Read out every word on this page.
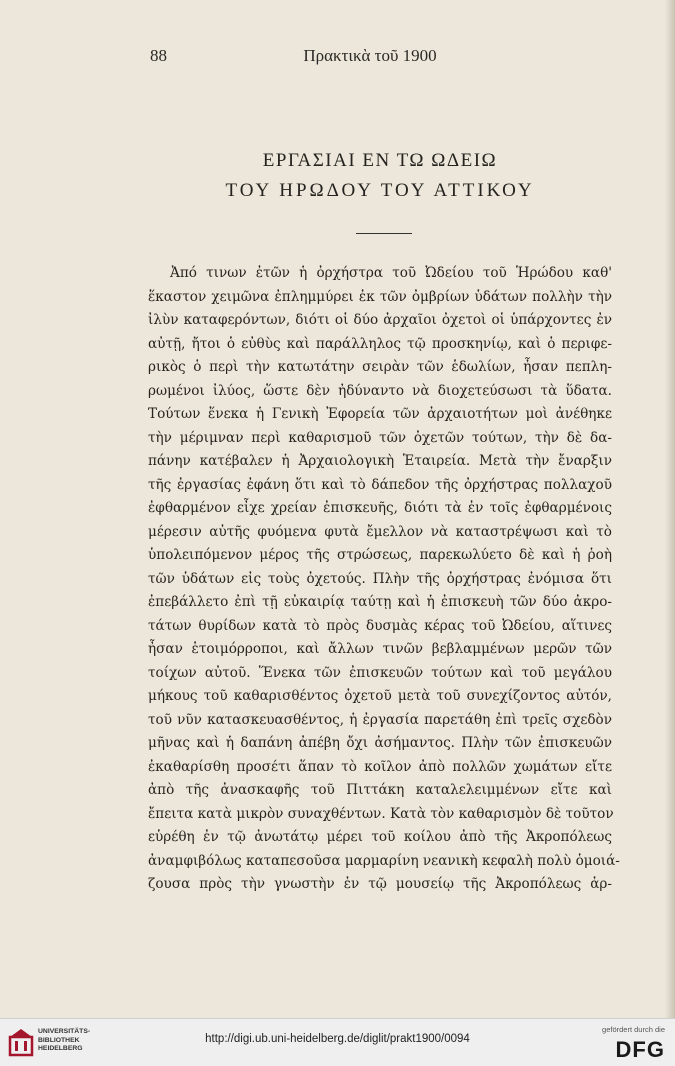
88	Πρακτικὰ τοῦ 1900
ΕΡΓΑΣΙΑΙ ΕΝ ΤΩ ΩΔΕΙΩ
ΤΟΥ ΗΡΩΔΟΥ ΤΟΥ ΑΤΤΙΚΟΥ
Ἀπό τινων ἐτῶν ἡ ὀρχήστρα τοῦ Ὠδείου τοῦ Ἡρώδου καθ'
ἕκαστον χειμῶνα ἐπλημμύρει ἐκ τῶν ὀμβρίων ὑδάτων πολλὴν τὴν
ἰλὺν καταφερόντων, διότι οἱ δύο ἀρχαῖοι ὀχετοὶ οἱ ὑπάρχοντες ἐν
αὐτῇ, ἤτοι ὁ εὐθὺς καὶ παράλληλος τῷ προσκηνίῳ, καὶ ὁ περιφε-
ρικὸς ὁ περὶ τὴν κατωτάτην σειρὰν τῶν ἑδωλίων, ἦσαν πεπλη-
ρωμένοι ἰλύος, ὥστε δὲν ἠδύναντο νὰ διοχετεύσωσι τὰ ὕδατα.
Τούτων ἕνεκα ἡ Γενικὴ Ἐφορεία τῶν ἀρχαιοτήτων μοὶ ἀνέθηκε
τὴν μέριμναν περὶ καθαρισμοῦ τῶν ὀχετῶν τούτων, τὴν δὲ δα-
πάνην κατέβαλεν ἡ Ἀρχαιολογικὴ Ἑταιρεία. Μετὰ τὴν ἔναρξιν
τῆς ἐργασίας ἐφάνη ὅτι καὶ τὸ δάπεδον τῆς ὀρχήστρας πολλαχοῦ
ἐφθαρμένον εἶχε χρείαν ἐπισκευῆς, διότι τὰ ἐν τοῖς ἐφθαρμένοις
μέρεσιν αὐτῆς φυόμενα φυτὰ ἔμελλον νὰ καταστρέψωσι καὶ τὸ
ὑπολειπόμενον μέρος τῆς στρώσεως, παρεκωλύετο δὲ καὶ ἡ ῥοὴ
τῶν ὑδάτων εἰς τοὺς ὀχετούς. Πλὴν τῆς ὀρχήστρας ἐνόμισα ὅτι
ἐπεβάλλετο ἐπὶ τῇ εὐκαιρίᾳ ταύτῃ καὶ ἡ ἐπισκευὴ τῶν δύο ἀκρο-
τάτων θυρίδων κατὰ τὸ πρὸς δυσμὰς κέρας τοῦ Ὠδείου, αἵτινες
ἦσαν ἑτοιμόρροποι, καὶ ἄλλων τινῶν βεβλαμμένων μερῶν τῶν
τοίχων αὐτοῦ. Ἕνεκα τῶν ἐπισκευῶν τούτων καὶ τοῦ μεγάλου
μήκους τοῦ καθαρισθέντος ὀχετοῦ μετὰ τοῦ συνεχίζοντος αὐτόν,
τοῦ νῦν κατασκευασθέντος, ἡ ἐργασία παρετάθη ἐπὶ τρεῖς σχεδὸν
μῆνας καὶ ἡ δαπάνη ἀπέβη ὄχι ἀσήμαντος. Πλὴν τῶν ἐπισκευῶν
ἐκαθαρίσθη προσέτι ἅπαν τὸ κοῖλον ἀπὸ πολλῶν χωμάτων εἴτε
ἀπὸ τῆς ἀνασκαφῆς τοῦ Πιττάκη καταλελειμμένων εἴτε καὶ
ἔπειτα κατὰ μικρὸν συναχθέντων. Κατὰ τὸν καθαρισμὸν δὲ τοῦτον
εὑρέθη ἐν τῷ ἀνωτάτῳ μέρει τοῦ κοίλου ἀπὸ τῆς Ἀκροπόλεως
ἀναμφιβόλως καταπεσοῦσα μαρμαρίνη νεανικὴ κεφαλὴ πολὺ ὁμοιά-
ζουσα πρὸς τὴν γνωστὴν ἐν τῷ μουσείῳ τῆς Ἀκροπόλεως ἀρ-
UNIVERSITÄTS-
BIBLIOTHEK
HEIDELBERG
http://digi.ub.uni-heidelberg.de/diglit/prakt1900/0094
gefördert durch die
DFG
